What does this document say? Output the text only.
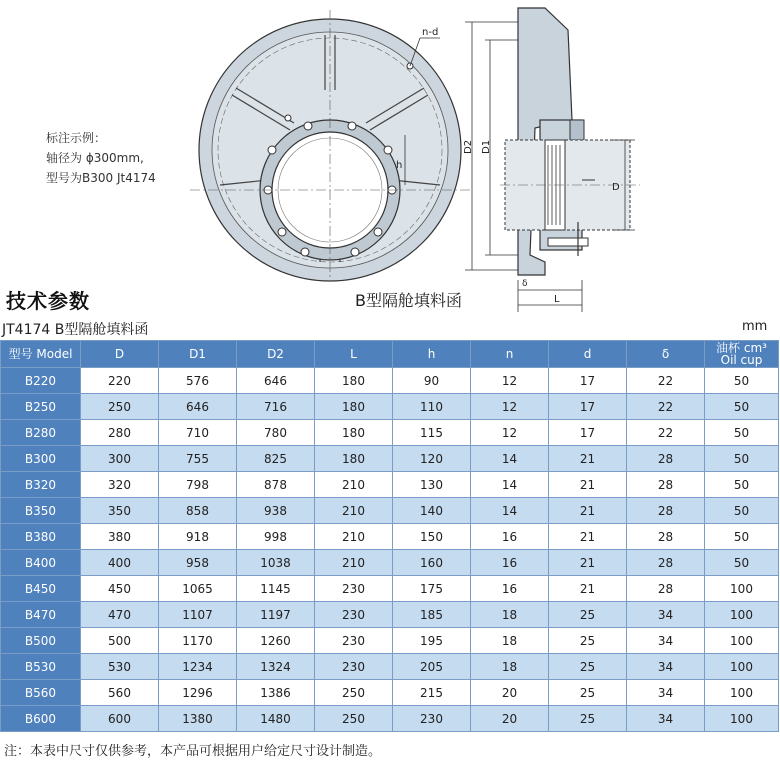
h
n-d
D2 D1
D
L
δ
标注示例：
轴径为 ϕ300mm,
型号为B300 Jt4174
技术参数	B型隔舱填料函
JT4174 B型隔舱填料函	mm
型号 Model	D	D1	D2	L	h	n	d	δ	油杯 cm³
Oil cup

B220	220	576	646	180	90	12	17	22	50
B250	250	646	716	180	110	12	17	22	50
B280	280	710	780	180	115	12	17	22	50
B300	300	755	825	180	120	14	21	28	50
B320	320	798	878	210	130	14	21	28	50
B350	350	858	938	210	140	14	21	28	50
B380	380	918	998	210	150	16	21	28	50
B400	400	958	1038	210	160	16	21	28	50
B450	450	1065	1145	230	175	16	21	28	100
B470	470	1107	1197	230	185	18	25	34	100
B500	500	1170	1260	230	195	18	25	34	100
B530	530	1234	1324	230	205	18	25	34	100
B560	560	1296	1386	250	215	20	25	34	100
B600	600	1380	1480	250	230	20	25	34	100
注：本表中尺寸仅供参考，本产品可根据用户给定尺寸设计制造。
